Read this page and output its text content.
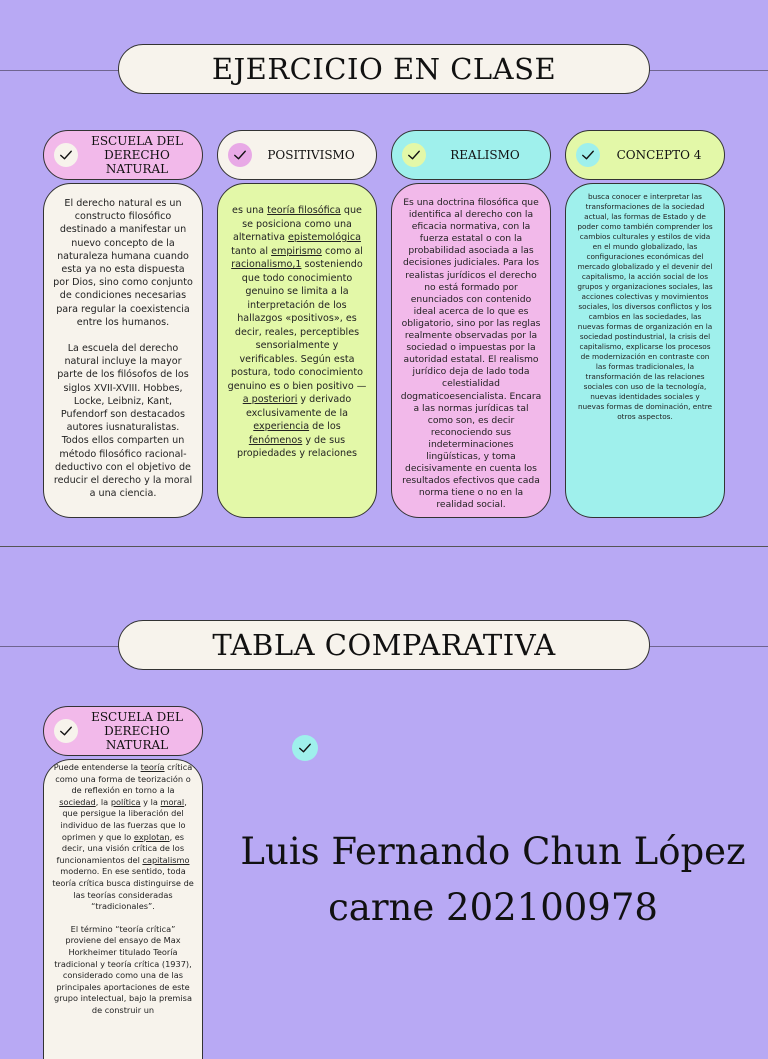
EJERCICIO EN CLASE
ESCUELA DEL
DERECHO NATURAL

El derecho natural es un constructo filosófico destinado a manifestar un nuevo concepto de la naturaleza humana cuando esta ya no esta dispuesta por Dios, sino como conjunto de condiciones necesarias para regular la coexistencia entre los humanos.

La escuela del derecho natural incluye la mayor parte de los filósofos de los siglos XVII-XVIII. Hobbes, Locke, Leibniz, Kant, Pufendorf son destacados autores iusnaturalistas. Todos ellos comparten un método filosófico racional-deductivo con el objetivo de reducir el derecho y la moral a una ciencia.

POSITIVISMO

es una teoría filosófica que se posiciona como una alternativa epistemológica tanto al empirismo como al racionalismo,1 sosteniendo que todo conocimiento genuino se limita a la interpretación de los hallazgos «positivos», es decir, reales, perceptibles sensorialmente y verificables. Según esta postura, todo conocimiento genuino es o bien positivo —a posteriori y derivado exclusivamente de la experiencia de los fenómenos y de sus propiedades y relaciones

REALISMO

Es una doctrina filosófica que identifica al derecho con la eficacia normativa, con la fuerza estatal o con la probabilidad asociada a las decisiones judiciales. Para los realistas jurídicos el derecho no está formado por enunciados con contenido ideal acerca de lo que es obligatorio, sino por las reglas realmente observadas por la sociedad o impuestas por la autoridad estatal. El realismo jurídico deja de lado toda celestialidad dogmaticoesencialista. Encara a las normas jurídicas tal como son, es decir reconociendo sus indeterminaciones lingüísticas, y toma decisivamente en cuenta los resultados efectivos que cada norma tiene o no en la realidad social.

CONCEPTO 4

busca conocer e interpretar las transformaciones de la sociedad actual, las formas de Estado y de poder como también comprender los cambios culturales y estilos de vida en el mundo globalizado, las configuraciones económicas del mercado globalizado y el devenir del capitalismo, la acción social de los grupos y organizaciones sociales, las acciones colectivas y movimientos sociales, los diversos conflictos y los cambios en las sociedades, las nuevas formas de organización en la sociedad postindustrial, la crisis del capitalismo, explicarse los procesos de modernización en contraste con las formas tradicionales, la transformación de las relaciones sociales con uso de la tecnología, nuevas identidades sociales y nuevas formas de dominación, entre otros aspectos.

TABLA COMPARATIVA
ESCUELA DEL
DERECHO NATURAL

Puede entenderse la teoría crítica como una forma de teorización o de reflexión en torno a la sociedad, la política y la moral, que persigue la liberación del individuo de las fuerzas que lo oprimen y que lo explotan, es decir, una visión crítica de los funcionamientos del capitalismo moderno. En ese sentido, toda teoría crítica busca distinguirse de las teorías consideradas “tradicionales”.

El término “teoría crítica” proviene del ensayo de Max Horkheimer titulado Teoría tradicional y teoría crítica (1937), considerado como una de las principales aportaciones de este grupo intelectual, bajo la premisa de construir un

Luis Fernando Chun López
carne 202100978
